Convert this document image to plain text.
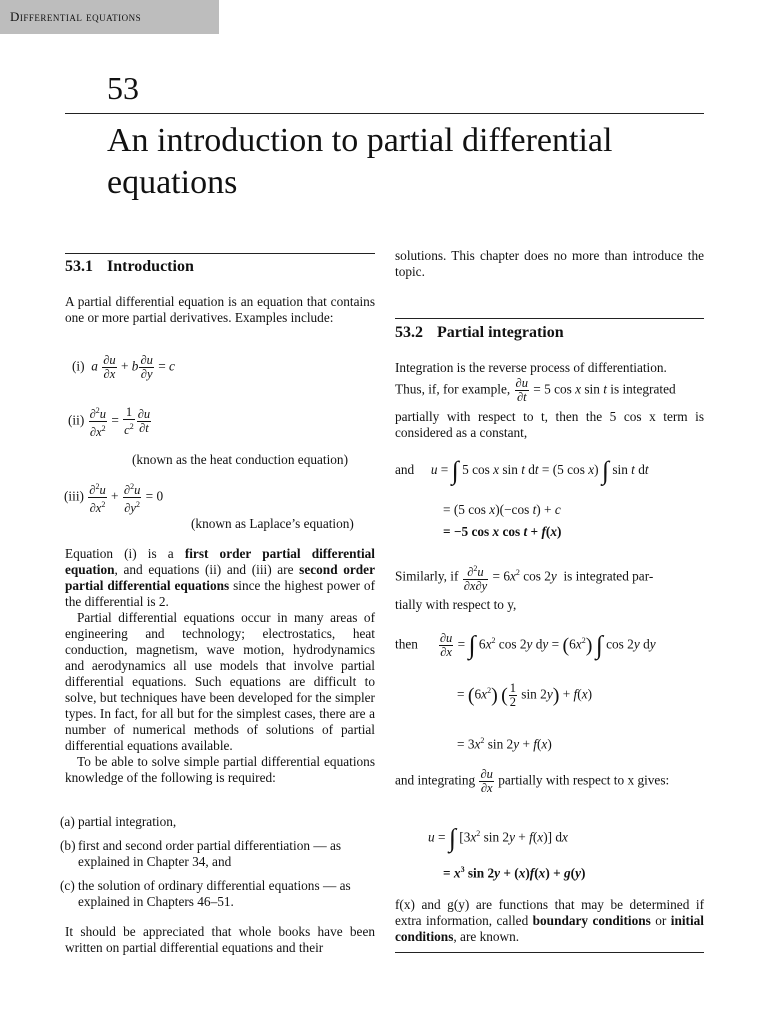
Differential equations
53
An introduction to partial differential equations
53.1 Introduction

A partial differential equation is an equation that contains one or more partial derivatives. Examples include:

(i)  a $\frac{\partial u}{\partial x} + b \frac{\partial u}{\partial y} = c$
$(ii) \frac{\partial^2u}{\partial x^2} = \frac{1}{c^2} \frac{\partial u}{\partial t}$
(known as the heat conduction equation)
$(iii) \frac{\partial^2u}{\partial x^2} + \frac{\partial^2u}{\partial y^2} = 0$
(known as Laplace’s equation)

Equation (i) is a first order partial differential equation, and equations (ii) and (iii) are second order partial differential equations since the highest power of the differential is 2.

Partial differential equations occur in many areas of engineering and technology; electrostatics, heat conduction, magnetism, wave motion, hydrodynamics and aerodynamics all use models that involve partial differential equations. Such equations are difficult to solve, but techniques have been developed for the simpler types. In fact, for all but for the simplest cases, there are a number of numerical methods of solutions of partial differential equations available.

To be able to solve simple partial differential equations knowledge of the following is required:

(a) partial integration,
(b) first and second order partial differentiation — as explained in Chapter 34, and
(c) the solution of ordinary differential equations — as explained in Chapters 46–51.

It should be appreciated that whole books have been written on partial differential equations and their

solutions. This chapter does no more than introduce the topic.

53.2 Partial integration

Integration is the reverse process of differentiation.

Thus, if, for example, $\frac{\partial u}{\partial t} = 5$ cos x sin t is integrated

partially with respect to t, then the 5 cos x term is considered as a constant,

and u = ∫ 5 cos x sin t dt = (5 cos x) ∫ sin t dt
= (5 cos x)(−cos t) + c
= −5 cos x cos t + f(x)
Similarly, if $\frac{\partial^2u}{\partial x\partial y} = 6x^2$ cos 2y is integrated par-

tially with respect to y,

then $\frac{\partial u}{\partial x}$ = ∫ $6x^2$ cos 2y dy = $(6x^2)$ ∫ cos 2y dy
= $(6x^2)$ ( $\frac{1}{2}$ sin 2y) + f(x)
= $3x^2$ sin 2y + f(x)
and integrating $\frac{\partial u}{\partial x}$ partially with respect to x gives:
u = ∫ [$3x^2$ sin 2y + f(x)] dx
= $x^3$ sin 2y + (x)f(x) + g(y)

f(x) and g(y) are functions that may be determined if extra information, called boundary conditions or initial conditions, are known.
